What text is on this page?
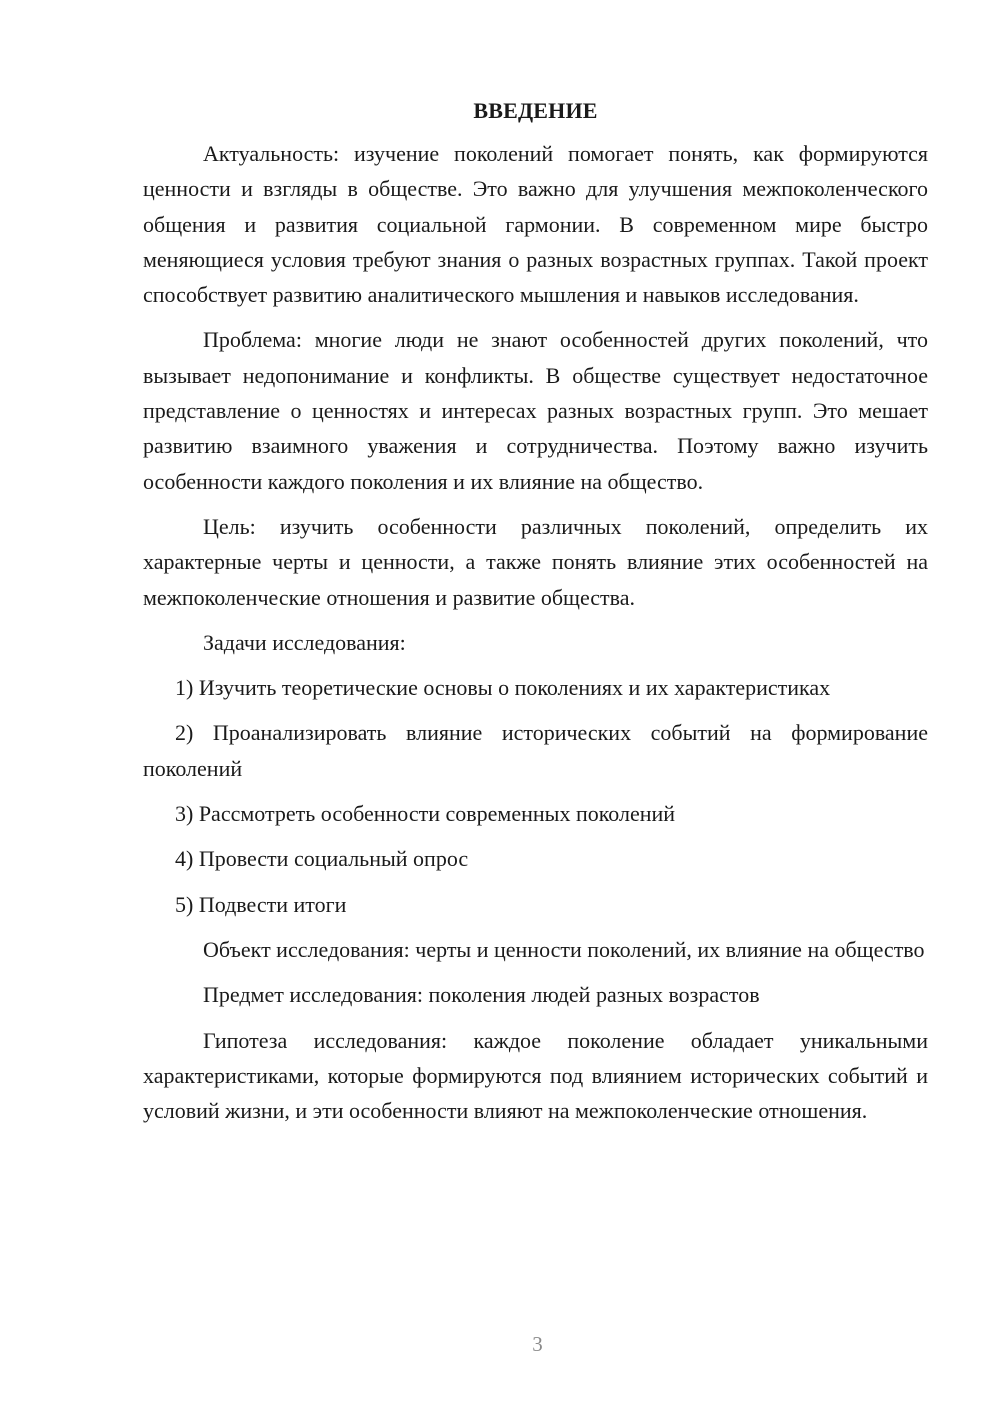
ВВЕДЕНИЕ

Актуальность: изучение поколений помогает понять, как формируются ценности и взгляды в обществе. Это важно для улучшения межпоколенческого общения и развития социальной гармонии. В современном мире быстро меняющиеся условия требуют знания о разных возрастных группах. Такой проект способствует развитию аналитического мышления и навыков исследования.

Проблема: многие люди не знают особенностей других поколений, что вызывает недопонимание и конфликты. В обществе существует недостаточное представление о ценностях и интересах разных возрастных групп. Это мешает развитию взаимного уважения и сотрудничества. Поэтому важно изучить особенности каждого поколения и их влияние на общество.

Цель: изучить особенности различных поколений, определить их характерные черты и ценности, а также понять влияние этих особенностей на межпоколенческие отношения и развитие общества.

Задачи исследования:

1) Изучить теоретические основы о поколениях и их характеристиках

2) Проанализировать влияние исторических событий на формирование поколений

3) Рассмотреть особенности современных поколений

4) Провести социальный опрос

5) Подвести итоги

Объект исследования: черты и ценности поколений, их влияние на общество

Предмет исследования: поколения людей разных возрастов

Гипотеза исследования: каждое поколение обладает уникальными характеристиками, которые формируются под влиянием исторических событий и условий жизни, и эти особенности влияют на межпоколенческие отношения.

3
